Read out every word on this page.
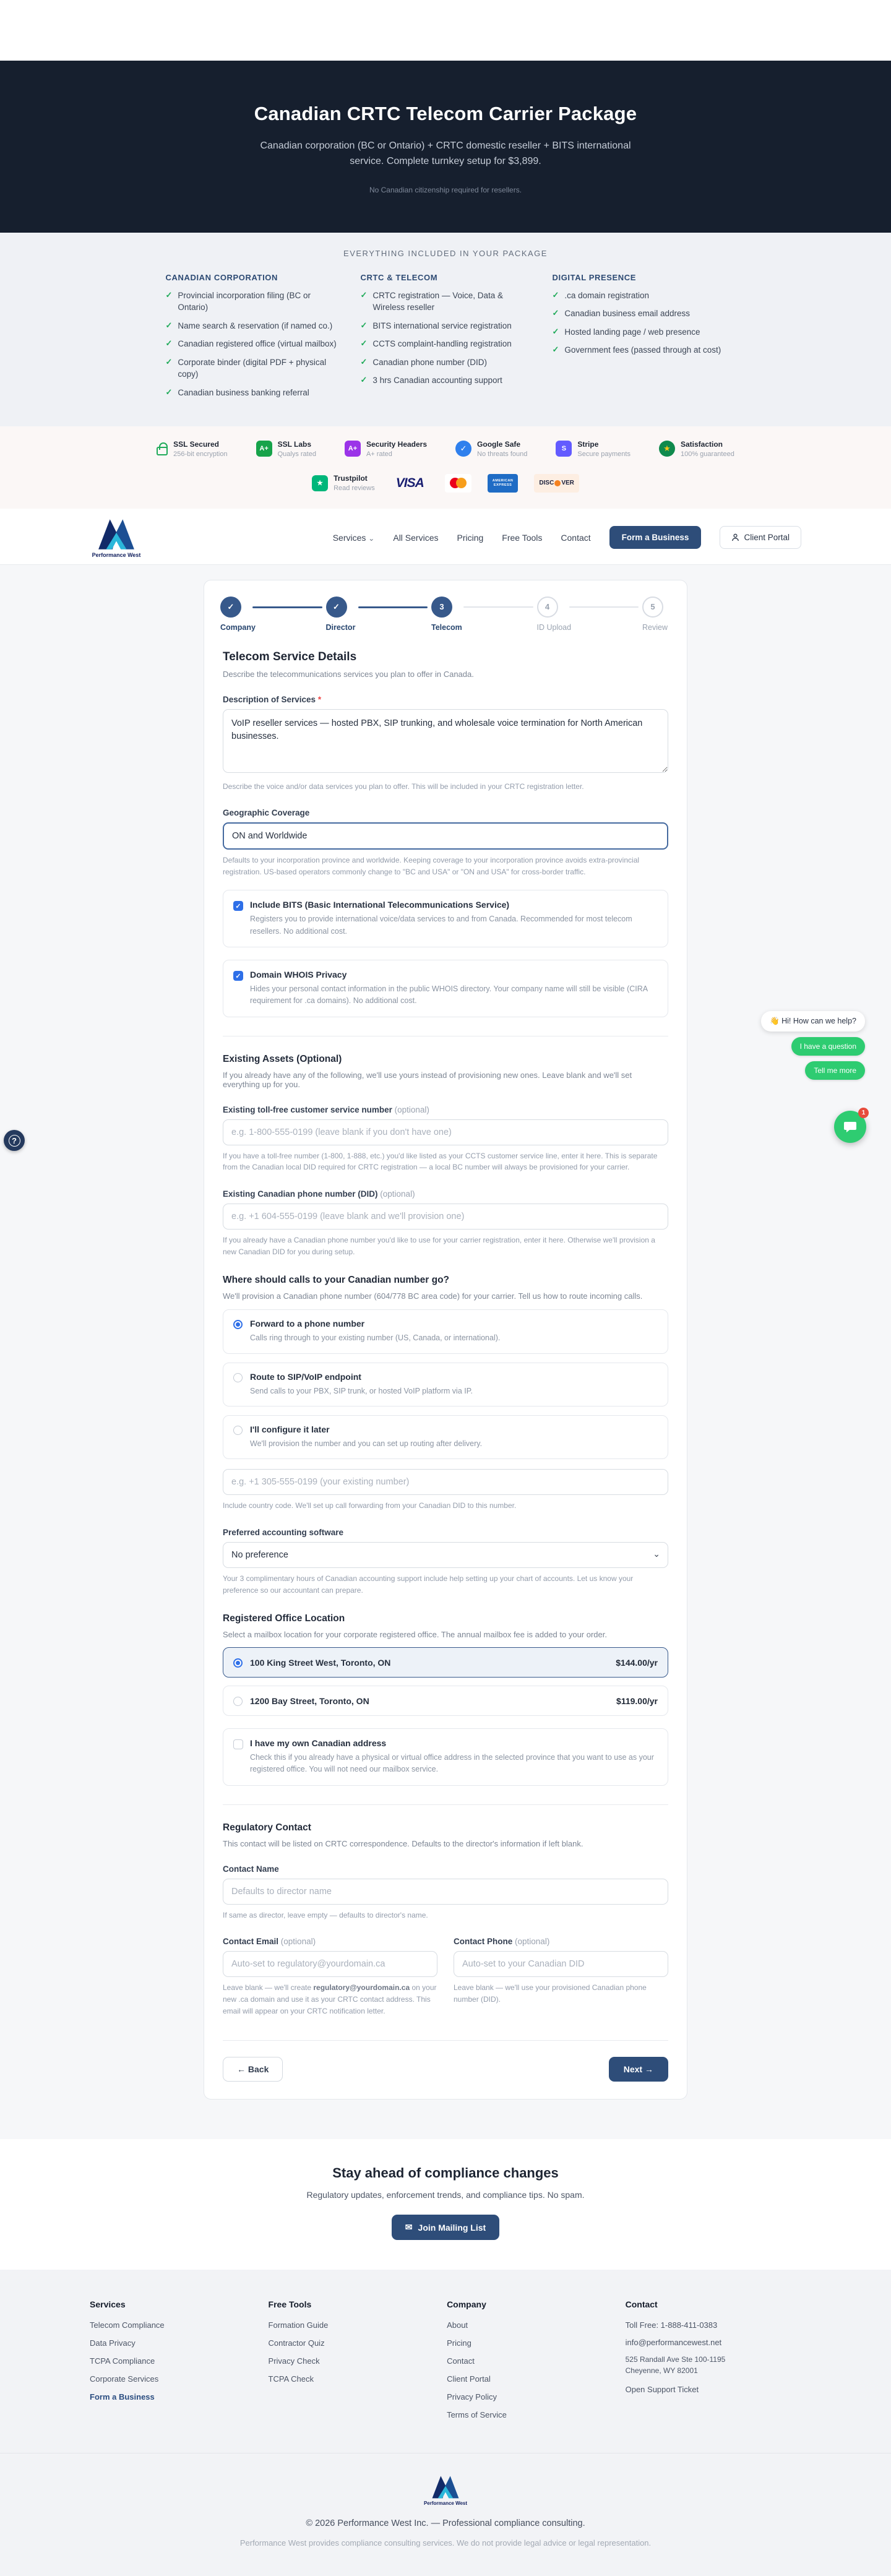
Canadian CRTC Telecom Carrier Package
Canadian corporation (BC or Ontario) + CRTC domestic reseller + BITS international service. Complete turnkey setup for $3,899.
No Canadian citizenship required for resellers.
EVERYTHING INCLUDED IN YOUR PACKAGE
CANADIAN CORPORATION
✓ Provincial incorporation filing (BC or Ontario)
✓ Name search & reservation (if named co.)
✓ Canadian registered office (virtual mailbox)
✓ Corporate binder (digital PDF + physical copy)
✓ Canadian business banking referral
CRTC & TELECOM
✓ CRTC registration — Voice, Data & Wireless reseller
✓ BITS international service registration
✓ CCTS complaint-handling registration
✓ Canadian phone number (DID)
✓ 3 hrs Canadian accounting support
DIGITAL PRESENCE
✓ .ca domain registration
✓ Canadian business email address
✓ Hosted landing page / web presence
✓ Government fees (passed through at cost)
SSL Secured
256-bit encryption
A+
SSL Labs
Qualys rated
A+
Security Headers
A+ rated
✓	Google Safe
No threats found
S
Stripe
Secure payments
★	Satisfaction
100% guaranteed
★
Trustpilot
Read reviews	VISA	AMERICAN
EXPRESS	DISC VER
Performance West
Services ⌄ All Services Pricing Free Tools Contact	Form a Business	Client Portal
✓
Company
✓
Director
3
Telecom
4
ID Upload
5
Review
Telecom Service Details
Describe the telecommunications services you plan to offer in Canada.
Description of Services *
VoIP reseller services — hosted PBX, SIP trunking, and wholesale voice termination for North American businesses.
Describe the voice and/or data services you plan to offer. This will be included in your CRTC registration letter.
Geographic Coverage
ON and Worldwide
Defaults to your incorporation province and worldwide. Keeping coverage to your incorporation province avoids extra-provincial registration. US-based operators commonly change to "BC and USA" or "ON and USA" for cross-border traffic.
✓ Include BITS (Basic International Telecommunications Service)
Registers you to provide international voice/data services to and from Canada. Recommended for most telecom resellers. No additional cost.
✓ Domain WHOIS Privacy
Hides your personal contact information in the public WHOIS directory. Your company name will still be visible (CIRA requirement for .ca domains). No additional cost.
Existing Assets (Optional)
If you already have any of the following, we'll use yours instead of provisioning new ones. Leave blank and we'll set everything up for you.
Existing toll-free customer service number (optional)
e.g. 1-800-555-0199 (leave blank if you don't have one)
If you have a toll-free number (1-800, 1-888, etc.) you'd like listed as your CCTS customer service line, enter it here. This is separate from the Canadian local DID required for CRTC registration — a local BC number will always be provisioned for your carrier.
Existing Canadian phone number (DID) (optional)
e.g. +1 604-555-0199 (leave blank and we'll provision one)
If you already have a Canadian phone number you'd like to use for your carrier registration, enter it here. Otherwise we'll provision a new Canadian DID for you during setup.
Where should calls to your Canadian number go?
We'll provision a Canadian phone number (604/778 BC area code) for your carrier. Tell us how to route incoming calls.
Forward to a phone number
Calls ring through to your existing number (US, Canada, or international).
Route to SIP/VoIP endpoint
Send calls to your PBX, SIP trunk, or hosted VoIP platform via IP.
I'll configure it later
We'll provision the number and you can set up routing after delivery.
e.g. +1 305-555-0199 (your existing number)
Include country code. We'll set up call forwarding from your Canadian DID to this number.
Preferred accounting software
No preference	⌄
Your 3 complimentary hours of Canadian accounting support include help setting up your chart of accounts. Let us know your preference so our accountant can prepare.
Registered Office Location
Select a mailbox location for your corporate registered office. The annual mailbox fee is added to your order.
100 King Street West, Toronto, ON	$144.00/yr
1200 Bay Street, Toronto, ON	$119.00/yr
I have my own Canadian address
Check this if you already have a physical or virtual office address in the selected province that you want to use as your registered office. You will not need our mailbox service.
Regulatory Contact
This contact will be listed on CRTC correspondence. Defaults to the director's information if left blank.
Contact Name
Defaults to director name
If same as director, leave empty — defaults to director's name.
Contact Email (optional)
Auto-set to regulatory@yourdomain.ca
Leave blank — we'll create regulatory@yourdomain.ca on your new .ca domain and use it as your CRTC contact address. This email will appear on your CRTC notification letter.
Contact Phone (optional)
Auto-set to your Canadian DID
Leave blank — we'll use your provisioned Canadian phone number (DID).
← Back	Next →
Stay ahead of compliance changes
Regulatory updates, enforcement trends, and compliance tips. No spam.
✉ Join Mailing List
Services
Telecom Compliance
Data Privacy
TCPA Compliance
Corporate Services
Form a Business
Free Tools
Formation Guide
Contractor Quiz
Privacy Check
TCPA Check
Company
About
Pricing
Contact
Client Portal
Privacy Policy
Terms of Service
Contact
Toll Free: 1-888-411-0383
info@performancewest.net
525 Randall Ave Ste 100-1195
Cheyenne, WY 82001
Open Support Ticket
Performance West
© 2026 Performance West Inc. — Professional compliance consulting.
Performance West provides compliance consulting services. We do not provide legal advice or legal representation.
?
👋 Hi! How can we help?
I have a question
Tell me more
1
